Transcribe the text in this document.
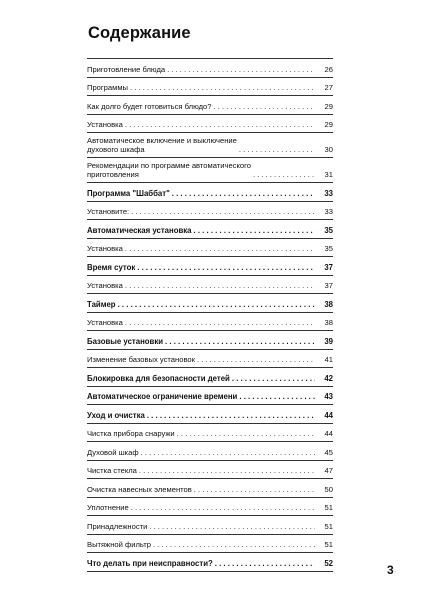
Содержание
Приготовление блюда . . .	26
Программы . . .	27
Как долго будет готовиться блюдо? . . .	29
Установка . . .	29
Автоматическое включение и выключение
духового шкафа . . .	30
Рекомендации по программе автоматического
приготовления . . .	31
Программа "Шаббат" . . .	33
Установите: . . .	33
Автоматическая установка . . .	35
Установка . . .	35
Время суток . . .	37
Установка . . .	37
Таймер . . .	38
Установка . . .	38
Базовые установки . . .	39
Изменение базовых установок . . .	41
Блокировка для безопасности детей . . .	42
Автоматическое ограничение времени . . .	43
Уход и очистка . . .	44
Чистка прибора снаружи . . .	44
Духовой шкаф . . .	45
Чистка стекла . . .	47
Очистка навесных элементов . . .	50
Уплотнение . . .	51
Принадлежности . . .	51
Вытяжной фильтр . . .	51
Что делать при неисправности? . . .	52	3
